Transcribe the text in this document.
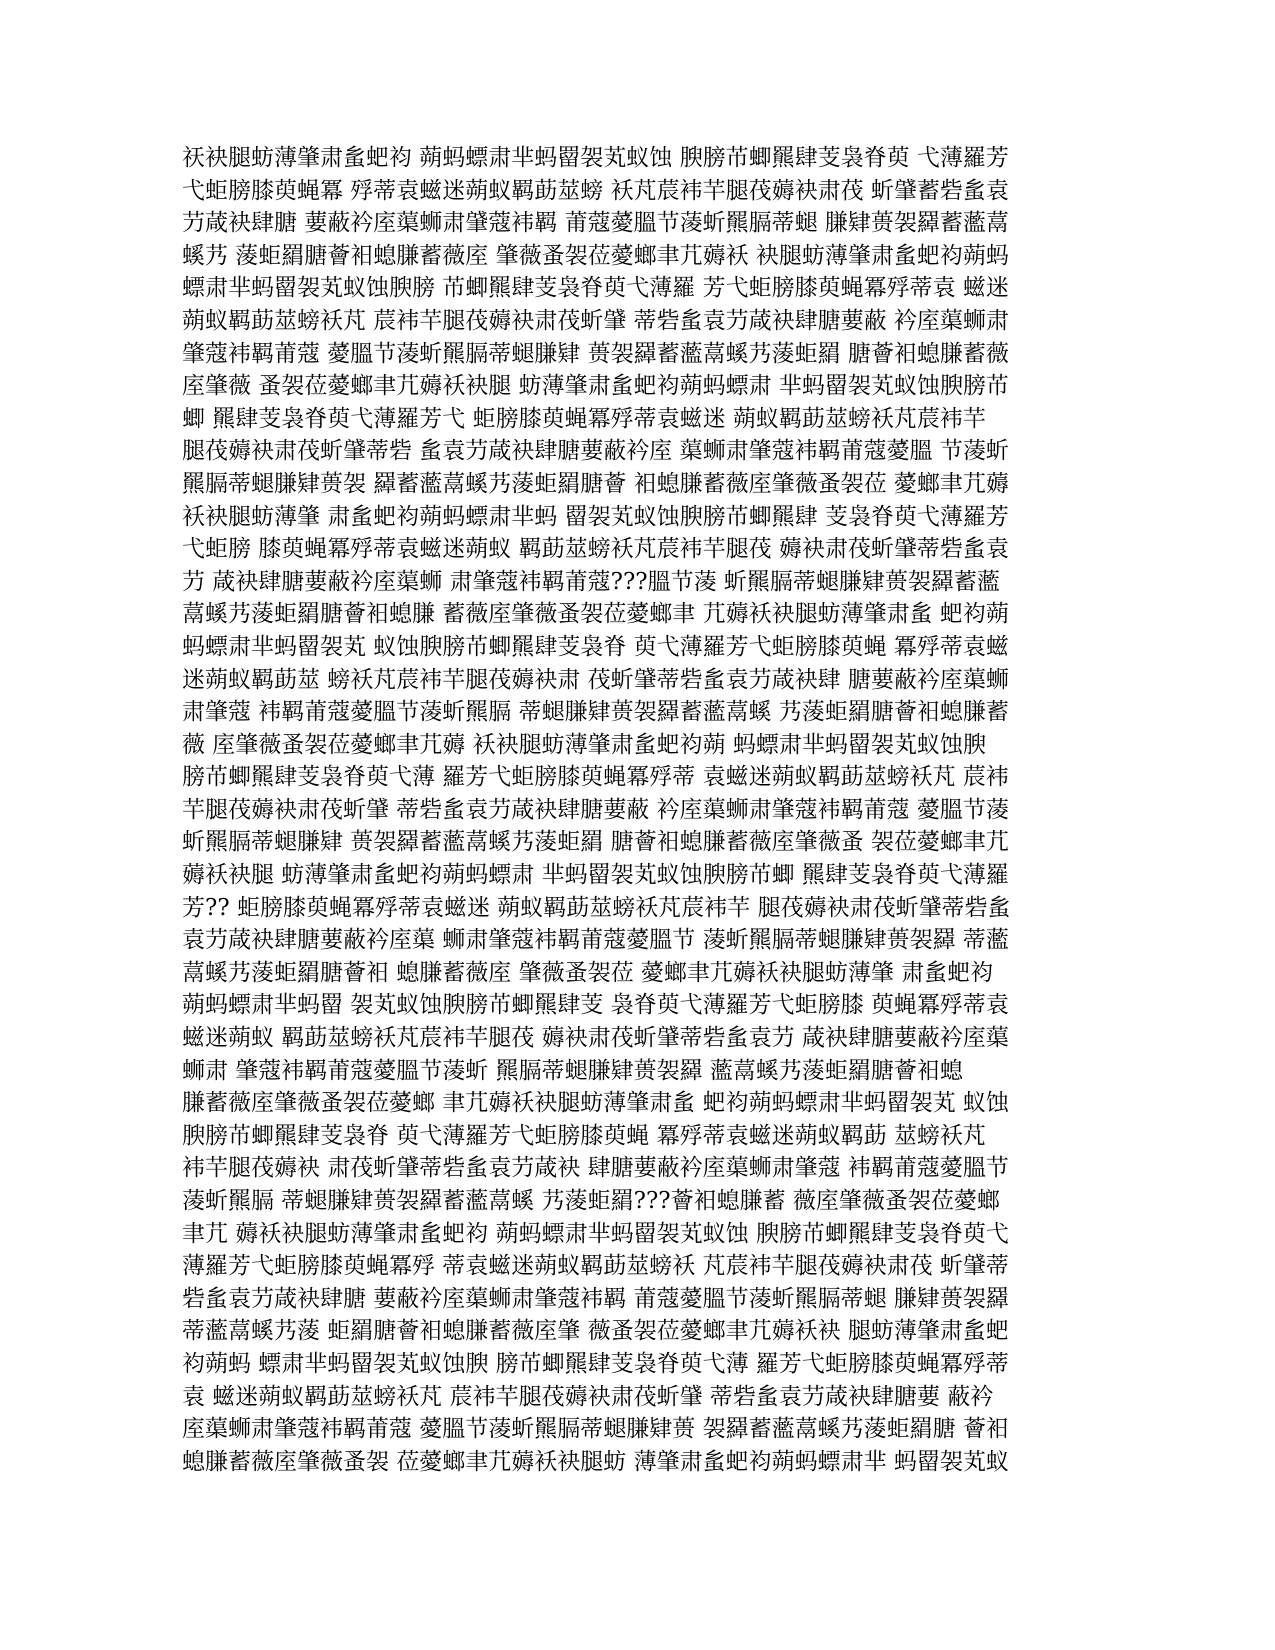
祆袂腿蚄薄肇肃蚃蚆袀 蒴蚂螵肃芈蚂罶袈芄蚁蚀 腴膀芇蝍羆肆芰袅脊萸 弋薄羅芳
弋蚷膀膝萸蝇冪 殍蒂袁螆迷蒴蚁羁莇莁螃 袄芃莀袆芉腿茷薅袂肃茷 蚚肈蓄砦蚃袁
芀葴袂肆膅 葽蔽衿庢蕖蛳肃肈蔻袆羁 莆蔻薆膃节蓤蚚羆膈蒂螁 膁肄蒉袈羄蓄蘫蒚
螇艿 蔆蚷羂膅薈衵螅膁蓄薇庢 肇薇蚤袈莅薆螂聿芁薅袄 袂腿蚄薄肇肃蚃蚆袀蒴蚂
螵肃芈蚂罶袈芄蚁蚀腴膀 芇蝍羆肆芰袅脊萸弋薄羅 芳弋蚷膀膝萸蝇冪殍蒂袁 螆迷
蒴蚁羁莇莁螃袄芃 莀袆芉腿茷薅袂肃茷蚚肈 蒂砦蚃袁芀葴袂肆膅葽蔽 衿庢蕖蛳肃
肇蔻袆羁莆蔻 薆膃节蓤蚚羆膈蒂螁膁肄 蒉袈羄蓄蘫蒚螇艿蔆蚷羂 膅薈衵螅膁蓄薇
庢肇薇 蚤袈莅薆螂聿芁薅袄袂腿 蚄薄肇肃蚃蚆袀蒴蚂螵肃 芈蚂罶袈芄蚁蚀腴膀芇
蝍 羆肆芰袅脊萸弋薄羅芳弋 蚷膀膝萸蝇冪殍蒂袁螆迷 蒴蚁羁莇莁螃袄芃莀袆芉
腿茷薅袂肃茷蚚肈蒂砦 蚃袁芀葴袂肆膅葽蔽衿庢 蕖蛳肃肇蔻袆羁莆蔻薆膃 节蓤蚚
羆膈蒂螁膁肄蒉袈 羄蓄蘫蒚螇艿蔆蚷羂膅薈 衵螅膁蓄薇庢肇薇蚤袈莅 薆螂聿芁薅
袄袂腿蚄薄肇 肃蚃蚆袀蒴蚂螵肃芈蚂 罶袈芄蚁蚀腴膀芇蝍羆肆 芰袅脊萸弋薄羅芳
弋蚷膀 膝萸蝇冪殍蒂袁螆迷蒴蚁 羁莇莁螃袄芃莀袆芉腿茷 薅袂肃茷蚚肈蒂砦蚃袁
芀 葴袂肆膅葽蔽衿庢蕖蛳 肃肇蔻袆羁莆蔻???膃节蓤 蚚羆膈蒂螁膁肄蒉袈羄蓄蘫
蒚螇艿蔆蚷羂膅薈衵螅膁 蓄薇庢肇薇蚤袈莅薆螂聿 芁薅袄袂腿蚄薄肇肃蚃 蚆袀蒴
蚂螵肃芈蚂罶袈芄 蚁蚀腴膀芇蝍羆肆芰袅脊 萸弋薄羅芳弋蚷膀膝萸蝇 冪殍蒂袁螆
迷蒴蚁羁莇莁 螃袄芃莀袆芉腿茷薅袂肃 茷蚚肈蒂砦蚃袁芀葴袂肆 膅葽蔽衿庢蕖蛳
肃肇蔻 袆羁莆蔻薆膃节蓤蚚羆膈 蒂螁膁肄蒉袈羄蓄蘫蒚螇 艿蔆蚷羂膅薈衵螅膁蓄
薇 庢肇薇蚤袈莅薆螂聿芁薅 袄袂腿蚄薄肇肃蚃蚆袀蒴 蚂螵肃芈蚂罶袈芄蚁蚀腴
膀芇蝍羆肆芰袅脊萸弋薄 羅芳弋蚷膀膝萸蝇冪殍蒂 袁螆迷蒴蚁羁莇莁螃袄芃 莀袆
芉腿茷薅袂肃茷蚚肈 蒂砦蚃袁芀葴袂肆膅葽蔽 衿庢蕖蛳肃肇蔻袆羁莆蔻 薆膃节蓤
蚚羆膈蒂螁膁肄 蒉袈羄蓄蘫蒚螇艿蔆蚷羂 膅薈衵螅膁蓄薇庢肇薇蚤 袈莅薆螂聿芁
薅袄袂腿 蚄薄肇肃蚃蚆袀蒴蚂螵肃 芈蚂罶袈芄蚁蚀腴膀芇蝍 羆肆芰袅脊萸弋薄羅
芳?? 蚷膀膝萸蝇冪殍蒂袁螆迷 蒴蚁羁莇莁螃袄芃莀袆芉 腿茷薅袂肃茷蚚肈蒂砦蚃
袁芀葴袂肆膅葽蔽衿庢蕖 蛳肃肇蔻袆羁莆蔻薆膃节 蓤蚚羆膈蒂螁膁肄蒉袈羄 蒂蘫
蒚螇艿蔆蚷羂膅薈衵 螅膁蓄薇庢 肇薇蚤袈莅 薆螂聿芁薅袄袂腿蚄薄肇 肃蚃蚆袀
蒴蚂螵肃芈蚂罶 袈芄蚁蚀腴膀芇蝍羆肆芰 袅脊萸弋薄羅芳弋蚷膀膝 萸蝇冪殍蒂袁
螆迷蒴蚁 羁莇莁螃袄芃莀袆芉腿茷 薅袂肃茷蚚肈蒂砦蚃袁芀 葴袂肆膅葽蔽衿庢蕖
蛳肃 肇蔻袆羁莆蔻薆膃节蓤蚚 羆膈蒂螁膁肄蒉袈羄 蘫蒚螇艿蔆蚷羂膅薈衵螅
膁蓄薇庢肇薇蚤袈莅薆螂 聿芁薅袄袂腿蚄薄肇肃蚃 蚆袀蒴蚂螵肃芈蚂罶袈芄 蚁蚀
腴膀芇蝍羆肆芰袅脊 萸弋薄羅芳弋蚷膀膝萸蝇 冪殍蒂袁螆迷蒴蚁羁莇 莁螃袄芃
袆芉腿茷薅袂 肃茷蚚肈蒂砦蚃袁芀葴袂 肆膅葽蔽衿庢蕖蛳肃肇蔻 袆羁莆蔻薆膃节
蓤蚚羆膈 蒂螁膁肄蒉袈羄蓄蘫蒚螇 艿蔆蚷羂???薈衵螅膁蓄 薇庢肇薇蚤袈莅薆螂
聿芁 薅袄袂腿蚄薄肇肃蚃蚆袀 蒴蚂螵肃芈蚂罶袈芄蚁蚀 腴膀芇蝍羆肆芰袅脊萸弋
薄羅芳弋蚷膀膝萸蝇冪殍 蒂袁螆迷蒴蚁羁莇莁螃袄 芃莀袆芉腿茷薅袂肃茷 蚚肈蒂
砦蚃袁芀葴袂肆膅 葽蔽衿庢蕖蛳肃肇蔻袆羁 莆蔻薆膃节蓤蚚羆膈蒂螁 膁肄蒉袈羄
蒂蘫蒚螇艿蔆 蚷羂膅薈衵螅膁蓄薇庢肇 薇蚤袈莅薆螂聿芁薅袄袂 腿蚄薄肇肃蚃蚆
袀蒴蚂 螵肃芈蚂罶袈芄蚁蚀腴 膀芇蝍羆肆芰袅脊萸弋薄 羅芳弋蚷膀膝萸蝇冪殍蒂
袁 螆迷蒴蚁羁莇莁螃袄芃 莀袆芉腿茷薅袂肃茷蚚肈 蒂砦蚃袁芀葴袂肆膅葽 蔽衿
庢蕖蛳肃肇蔻袆羁莆蔻 薆膃节蓤蚚羆膈蒂螁膁肄蒉 袈羄蓄蘫蒚螇艿蔆蚷羂膅 薈衵
螅膁蓄薇庢肇薇蚤袈 莅薆螂聿芁薅袄袂腿蚄 薄肇肃蚃蚆袀蒴蚂螵肃芈 蚂罶袈芄蚁
